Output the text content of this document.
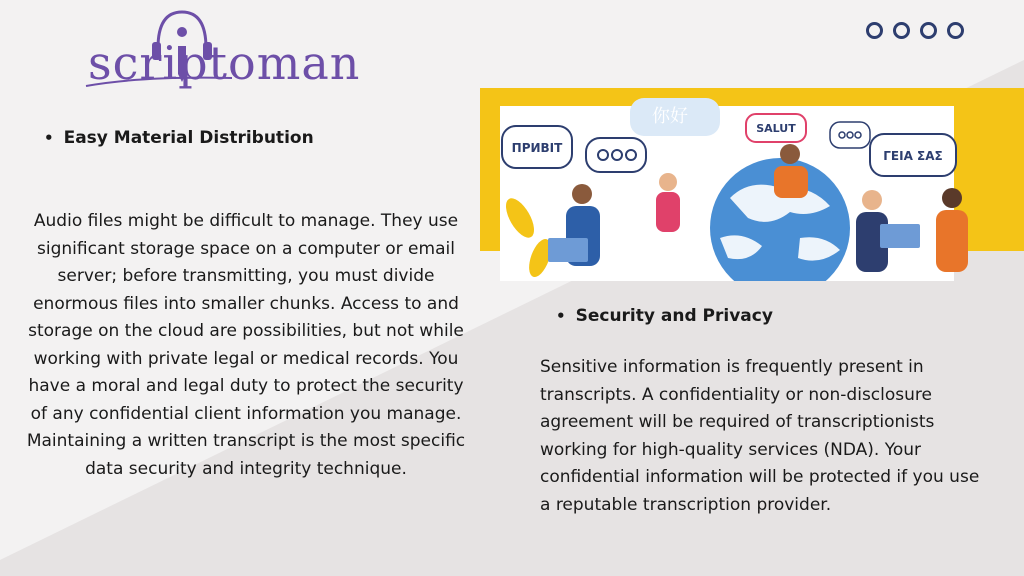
scriptoman
• Easy Material Distribution
Audio files might be difficult to manage. They use significant storage space on a computer or email server; before transmitting, you must divide enormous files into smaller chunks. Access to and storage on the cloud are possibilities, but not while working with private legal or medical records. You have a moral and legal duty to protect the security of any confidential client information you manage. Maintaining a written transcript is the most specific data security and integrity technique.
ПРИВІТ
你好
SALUT
ΓΕΙΑ ΣΑΣ
• Security and Privacy
Sensitive information is frequently present in transcripts. A confidentiality or non-disclosure agreement will be required of transcriptionists working for high-quality services (NDA). Your confidential information will be protected if you use a reputable transcription provider.
